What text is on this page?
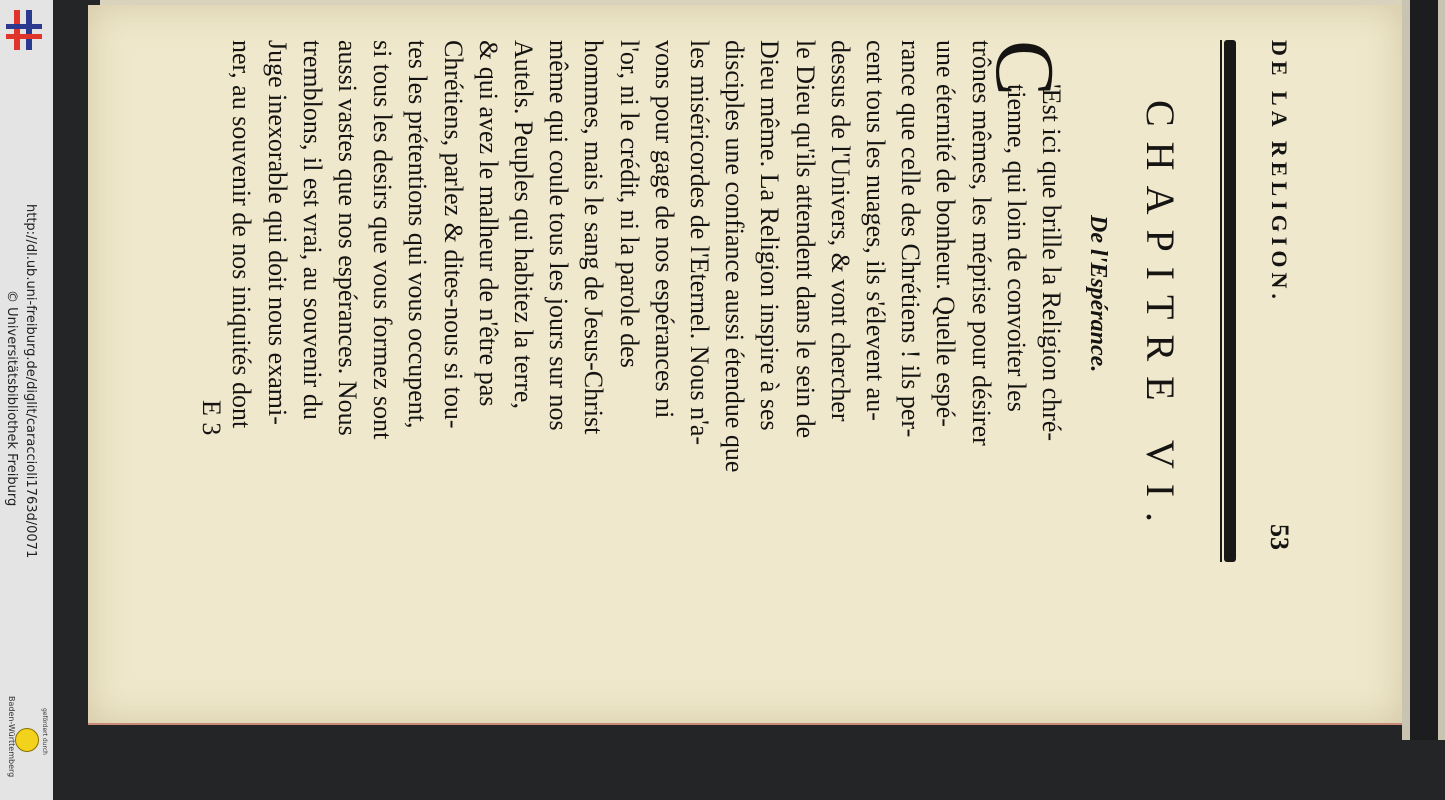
http://dl.ub.uni-freiburg.de/diglit/caraccioli1763d/0071
© Universitätsbibliothek Freiburg
gefördert durch
Baden-Württemberg
DE LA RELIGION.
53
CHAPITRE VI.
De l'Espérance.
C
'Est ici que brille la Religion chré-
tienne, qui loin de convoiter les
trônes mêmes, les méprise pour désirer
une éternité de bonheur. Quelle espé-
rance que celle des Chrétiens ! ils per-
cent tous les nuages, ils s'élevent au-
dessus de l'Univers, & vont chercher
le Dieu qu'ils attendent dans le sein de
Dieu même. La Religion inspire à ses
disciples une confiance aussi étendue que
les miséricordes de l'Eternel. Nous n'a-
vons pour gage de nos espérances ni
l'or, ni le crédit, ni la parole des
hommes, mais le sang de Jesus-Christ
même qui coule tous les jours sur nos
Autels. Peuples qui habitez la terre,
& qui avez le malheur de n'être pas
Chrétiens, parlez & dites-nous si tou-
tes les prétentions qui vous occupent,
si tous les desirs que vous formez sont
aussi vastes que nos espérances. Nous
tremblons, il est vrai, au souvenir du
Juge inexorable qui doit nous exami-
ner, au souvenir de nos iniquités dont
E 3
